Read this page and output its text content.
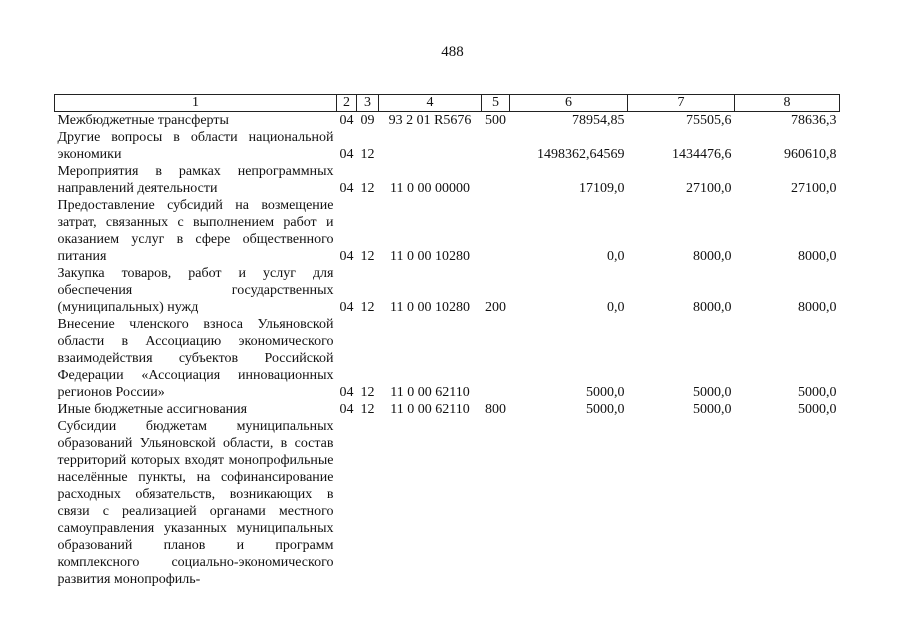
488
1	2	3	4	5	6	7	8
Межбюджетные трансферты	04	09	93 2 01 R5676	500	78954,85	75505,6	78636,3
Другие вопросы в области национальной экономики	04	12			1498362,64569	1434476,6	960610,8
Мероприятия в рамках непрограммных направлений деятельности	04	12	11 0 00 00000		17109,0	27100,0	27100,0
Предоставление субсидий на возмещение затрат, связанных с выполнением работ и оказанием услуг в сфере общественного питания	04	12	11 0 00 10280		0,0	8000,0	8000,0
Закупка товаров, работ и услуг для обеспечения государственных (муниципальных) нужд	04	12	11 0 00 10280	200	0,0	8000,0	8000,0
Внесение членского взноса Ульяновской области в Ассоциацию экономического взаимодействия субъектов Российской Федерации «Ассоциация инновационных регионов России»	04	12	11 0 00 62110		5000,0	5000,0	5000,0
Иные бюджетные ассигнования	04	12	11 0 00 62110	800	5000,0	5000,0	5000,0
Субсидии бюджетам муниципальных образований Ульяновской области, в состав территорий которых входят монопрофильные населённые пункты, на софинансирование расходных обязательств, возникающих в связи с реализацией органами местного самоуправления указанных муниципальных образований планов и программ комплексного социально-экономического развития монопрофиль-							
